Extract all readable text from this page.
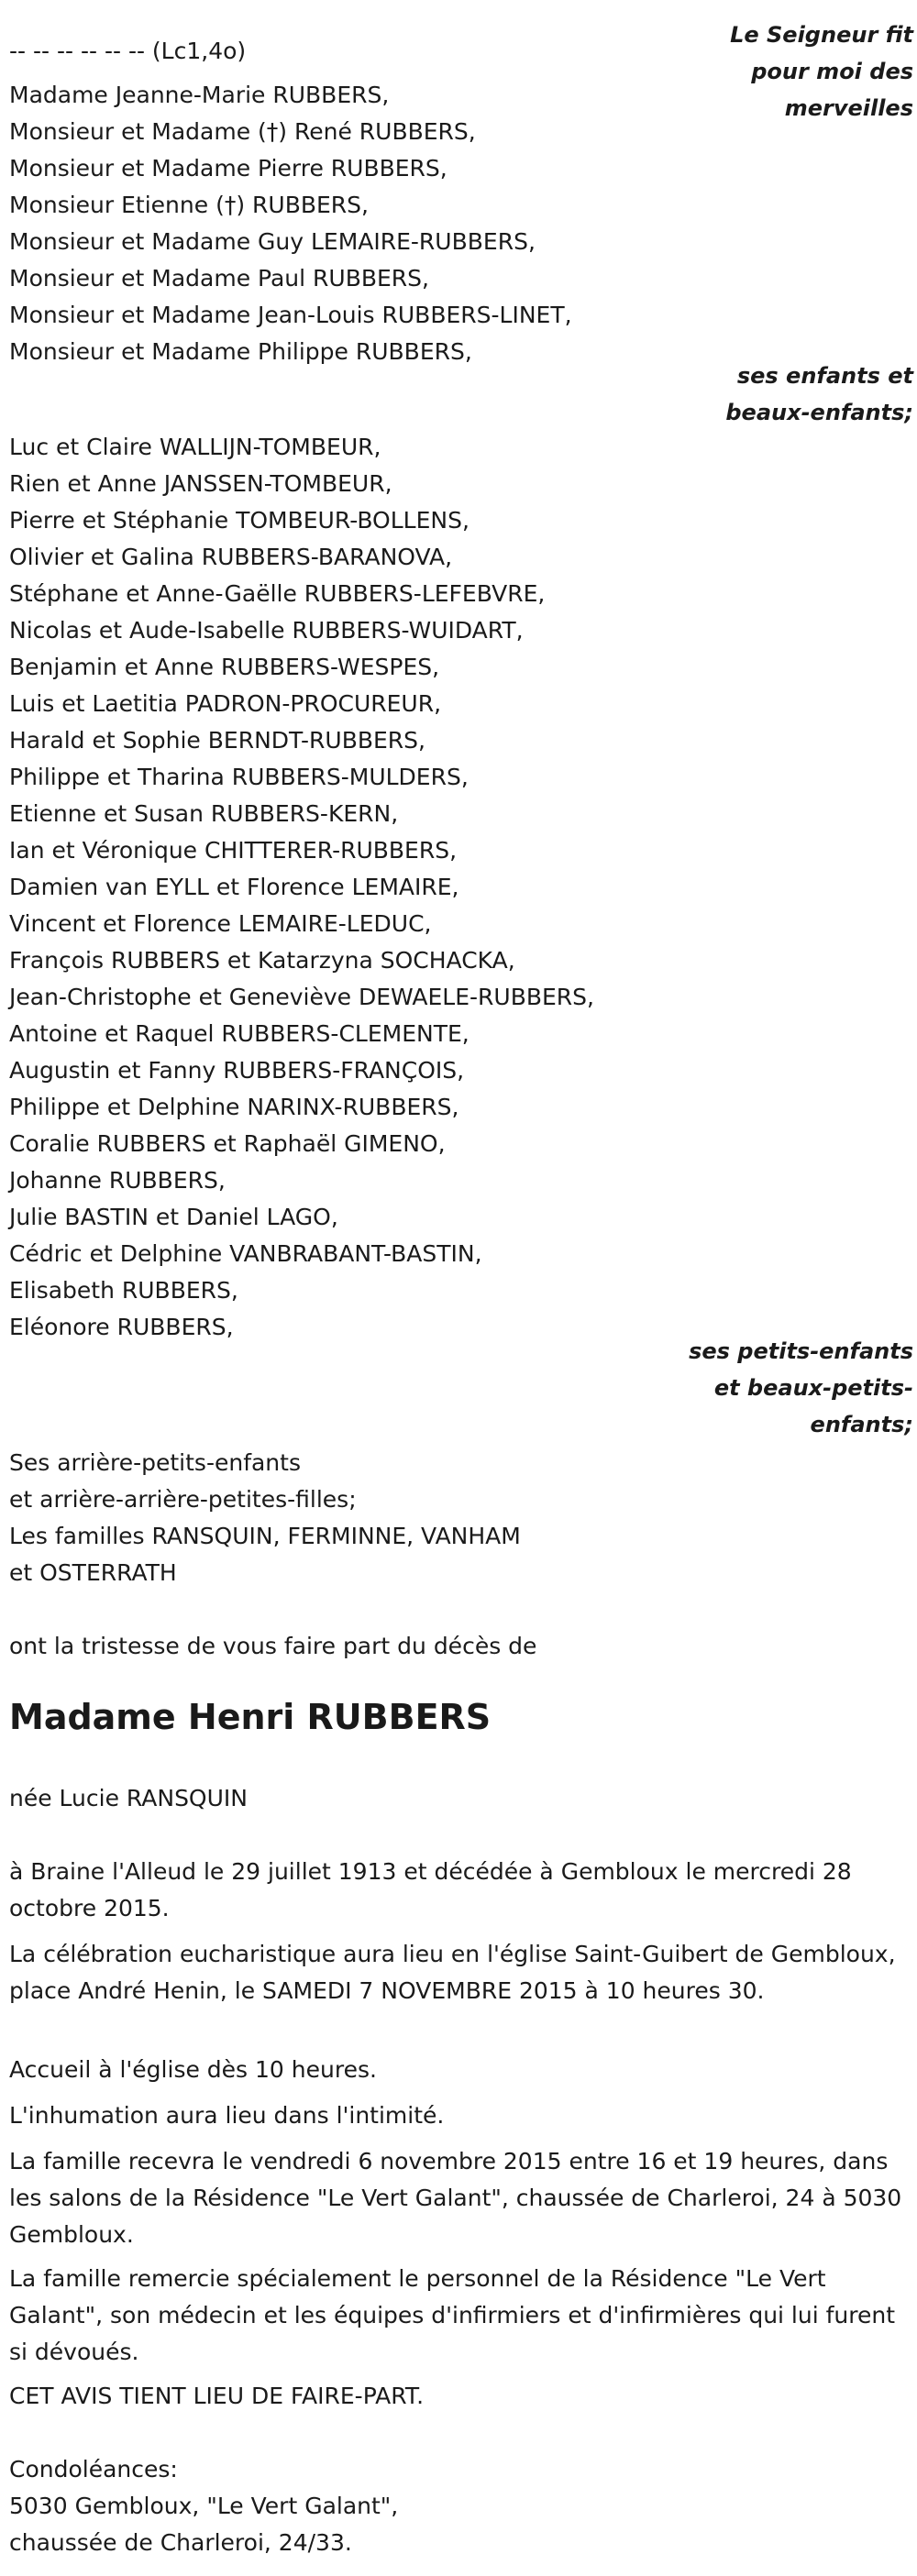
-- -- -- -- -- -- (Lc1,4o)
Le Seigneur fit
pour moi des
merveilles
Madame Jeanne-Marie RUBBERS,
Monsieur et Madame (†) René RUBBERS,
Monsieur et Madame Pierre RUBBERS,
Monsieur Etienne (†) RUBBERS,
Monsieur et Madame Guy LEMAIRE-RUBBERS,
Monsieur et Madame Paul RUBBERS,
Monsieur et Madame Jean-Louis RUBBERS-LINET,
Monsieur et Madame Philippe RUBBERS,
ses enfants et
beaux-enfants;
Luc et Claire WALLIJN-TOMBEUR,
Rien et Anne JANSSEN-TOMBEUR,
Pierre et Stéphanie TOMBEUR-BOLLENS,
Olivier et Galina RUBBERS-BARANOVA,
Stéphane et Anne-Gaëlle RUBBERS-LEFEBVRE,
Nicolas et Aude-Isabelle RUBBERS-WUIDART,
Benjamin et Anne RUBBERS-WESPES,
Luis et Laetitia PADRON-PROCUREUR,
Harald et Sophie BERNDT-RUBBERS,
Philippe et Tharina RUBBERS-MULDERS,
Etienne et Susan RUBBERS-KERN,
Ian et Véronique CHITTERER-RUBBERS,
Damien van EYLL et Florence LEMAIRE,
Vincent et Florence LEMAIRE-LEDUC,
François RUBBERS et Katarzyna SOCHACKA,
Jean-Christophe et Geneviève DEWAELE-RUBBERS,
Antoine et Raquel RUBBERS-CLEMENTE,
Augustin et Fanny RUBBERS-FRANÇOIS,
Philippe et Delphine NARINX-RUBBERS,
Coralie RUBBERS et Raphaël GIMENO,
Johanne RUBBERS,
Julie BASTIN et Daniel LAGO,
Cédric et Delphine VANBRABANT-BASTIN,
Elisabeth RUBBERS,
Eléonore RUBBERS,
ses petits-enfants
et beaux-petits-
enfants;
Ses arrière-petits-enfants
et arrière-arrière-petites-filles;
Les familles RANSQUIN, FERMINNE, VANHAM
et OSTERRATH
ont la tristesse de vous faire part du décès de
Madame Henri RUBBERS
née Lucie RANSQUIN
à Braine l'Alleud le 29 juillet 1913 et décédée à Gembloux le mercredi 28 octobre 2015.
La célébration eucharistique aura lieu en l'église Saint-Guibert de Gembloux, place André Henin, le SAMEDI 7 NOVEMBRE 2015 à 10 heures 30.
Accueil à l'église dès 10 heures.
L'inhumation aura lieu dans l'intimité.
La famille recevra le vendredi 6 novembre 2015 entre 16 et 19 heures, dans les salons de la Résidence "Le Vert Galant", chaussée de Charleroi, 24 à 5030 Gembloux.
La famille remercie spécialement le personnel de la Résidence "Le Vert Galant", son médecin et les équipes d'infirmiers et d'infirmières qui lui furent si dévoués.
CET AVIS TIENT LIEU DE FAIRE-PART.
Condoléances:
5030 Gembloux, "Le Vert Galant",
chaussée de Charleroi, 24/33.
